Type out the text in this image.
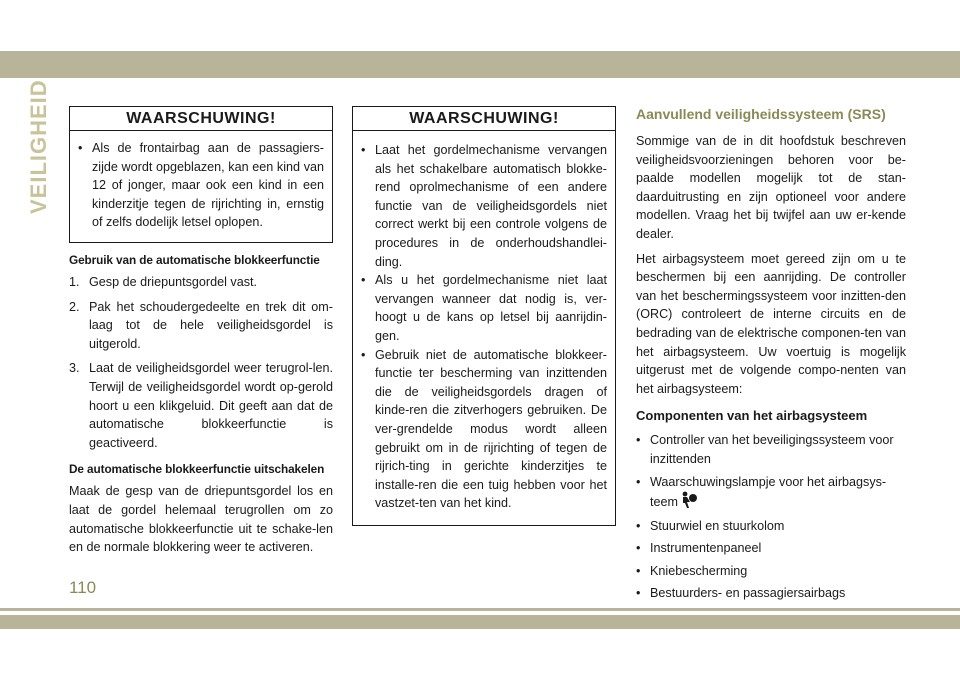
VEILIGHEID	WAARSCHUWING!
• Als de frontairbag aan de passagiers-zijde wordt opgeblazen, kan een kind van 12 of jonger, maar ook een kind in een kinderzitje tegen de rijrichting in, ernstig of zelfs dodelijk letsel oplopen.
Gebruik van de automatische blokkeerfunctie
1. Gesp de driepuntsgordel vast.
2. Pak het schoudergedeelte en trek dit om-laag tot de hele veiligheidsgordel is uitgerold.
3. Laat de veiligheidsgordel weer terugrol-len. Terwijl de veiligheidsgordel wordt op-gerold hoort u een klikgeluid. Dit geeft aan dat de automatische blokkeerfunctie is geactiveerd.
De automatische blokkeerfunctie uitschakelen

Maak de gesp van de driepuntsgordel los en laat de gordel helemaal terugrollen om zo automatische blokkeerfunctie uit te schake-len en de normale blokkering weer te activeren.

WAARSCHUWING!
• Laat het gordelmechanisme vervangen als het schakelbare automatisch blokke-rend oprolmechanisme of een andere functie van de veiligheidsgordels niet correct werkt bij een controle volgens de procedures in de onderhoudshandlei-ding.
• Als u het gordelmechanisme niet laat vervangen wanneer dat nodig is, ver-hoogt u de kans op letsel bij aanrijdin-gen.
• Gebruik niet de automatische blokkeer-functie ter bescherming van inzittenden die de veiligheidsgordels dragen of kinde-ren die zitverhogers gebruiken. De ver-grendelde modus wordt alleen gebruikt om in de rijrichting of tegen de rijrich-ting in gerichte kinderzitjes te installe-ren die een tuig hebben voor het vastzet-ten van het kind.
Aanvullend veiligheidssysteem (SRS)

Sommige van de in dit hoofdstuk beschreven veiligheidsvoorzieningen behoren voor be-paalde modellen mogelijk tot de stan-daarduitrusting en zijn optioneel voor andere modellen. Vraag het bij twijfel aan uw er-kende dealer.

Het airbagsysteem moet gereed zijn om u te beschermen bij een aanrijding. De controller van het beschermingssysteem voor inzitten-den (ORC) controleert de interne circuits en de bedrading van de elektrische componen-ten van het airbagsysteem. Uw voertuig is mogelijk uitgerust met de volgende compo-nenten van het airbagsysteem:

Componenten van het airbagsysteem
• Controller van het beveiligingssysteem voor inzittenden
• Waarschuwingslampje voor het airbagsys-teem
• Stuurwiel en stuurkolom
• Instrumentenpaneel
• Kniebescherming
• Bestuurders- en passagiersairbags
110
